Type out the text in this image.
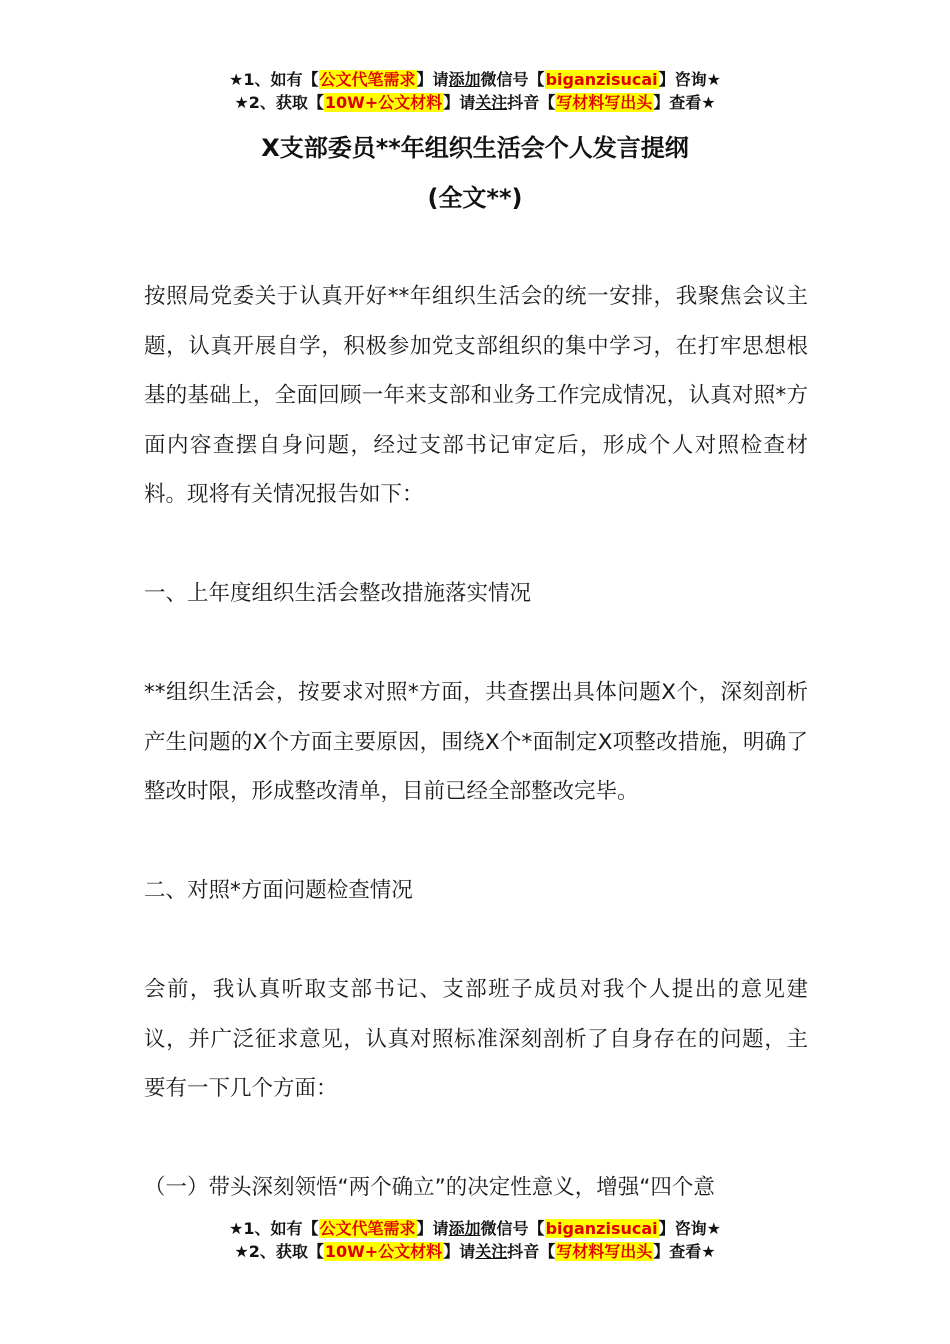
★1、如有【公文代笔需求】请添加微信号【biganzisucai】咨询★
★2、获取【10W+公文材料】请关注抖音【写材料写出头】查看★
X支部委员**年组织生活会个人发言提纲
(全文**)

按照局党委关于认真开好**年组织生活会的统一安排，我聚焦会议主题，认真开展自学，积极参加党支部组织的集中学习，在打牢思想根基的基础上，全面回顾一年来支部和业务工作完成情况，认真对照*方面内容查摆自身问题，经过支部书记审定后，形成个人对照检查材料。现将有关情况报告如下：

一、上年度组织生活会整改措施落实情况

**组织生活会，按要求对照*方面，共查摆出具体问题X个，深刻剖析产生问题的X个方面主要原因，围绕X个*面制定X项整改措施，明确了整改时限，形成整改清单，目前已经全部整改完毕。

二、对照*方面问题检查情况

会前，我认真听取支部书记、支部班子成员对我个人提出的意见建议，并广泛征求意见，认真对照标准深刻剖析了自身存在的问题，主要有一下几个方面：

（一）带头深刻领悟“两个确立”的决定性意义，增强“四个意

★1、如有【公文代笔需求】请添加微信号【biganzisucai】咨询★
★2、获取【10W+公文材料】请关注抖音【写材料写出头】查看★
